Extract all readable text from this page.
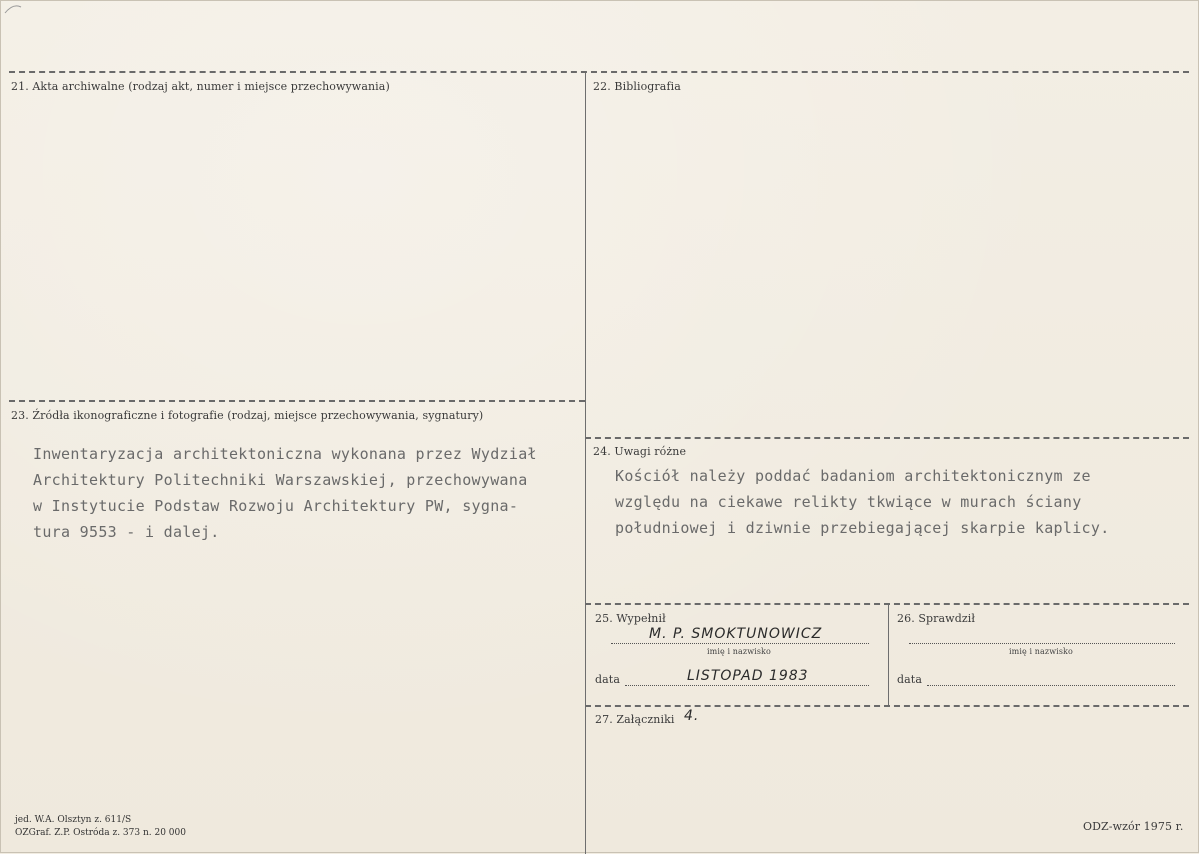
21. Akta archiwalne (rodzaj akt, numer i miejsce przechowywania)	22. Bibliografia
23. Źródła ikonograficzne i fotografie (rodzaj, miejsce przechowywania, sygnatury)
Inwentaryzacja architektoniczna wykonana przez Wydział
Architektury Politechniki Warszawskiej, przechowywana
w Instytucie Podstaw Rozwoju Architektury PW, sygna-
tura 9553 - i dalej.
24. Uwagi różne
Kościół należy poddać badaniom architektonicznym ze
względu na ciekawe relikty tkwiące w murach ściany
południowej i dziwnie przebiegającej skarpie kaplicy.
25. Wypełnił
M. P. SMOKTUNOWICZ
imię i nazwisko
data	LISTOPAD 1983
26. Sprawdził
imię i nazwisko
data
27. Załączniki 4.
jed. W.A. Olsztyn z. 611/S
OZGraf. Z.P. Ostróda z. 373 n. 20 000	ODZ-wzór 1975 r.
